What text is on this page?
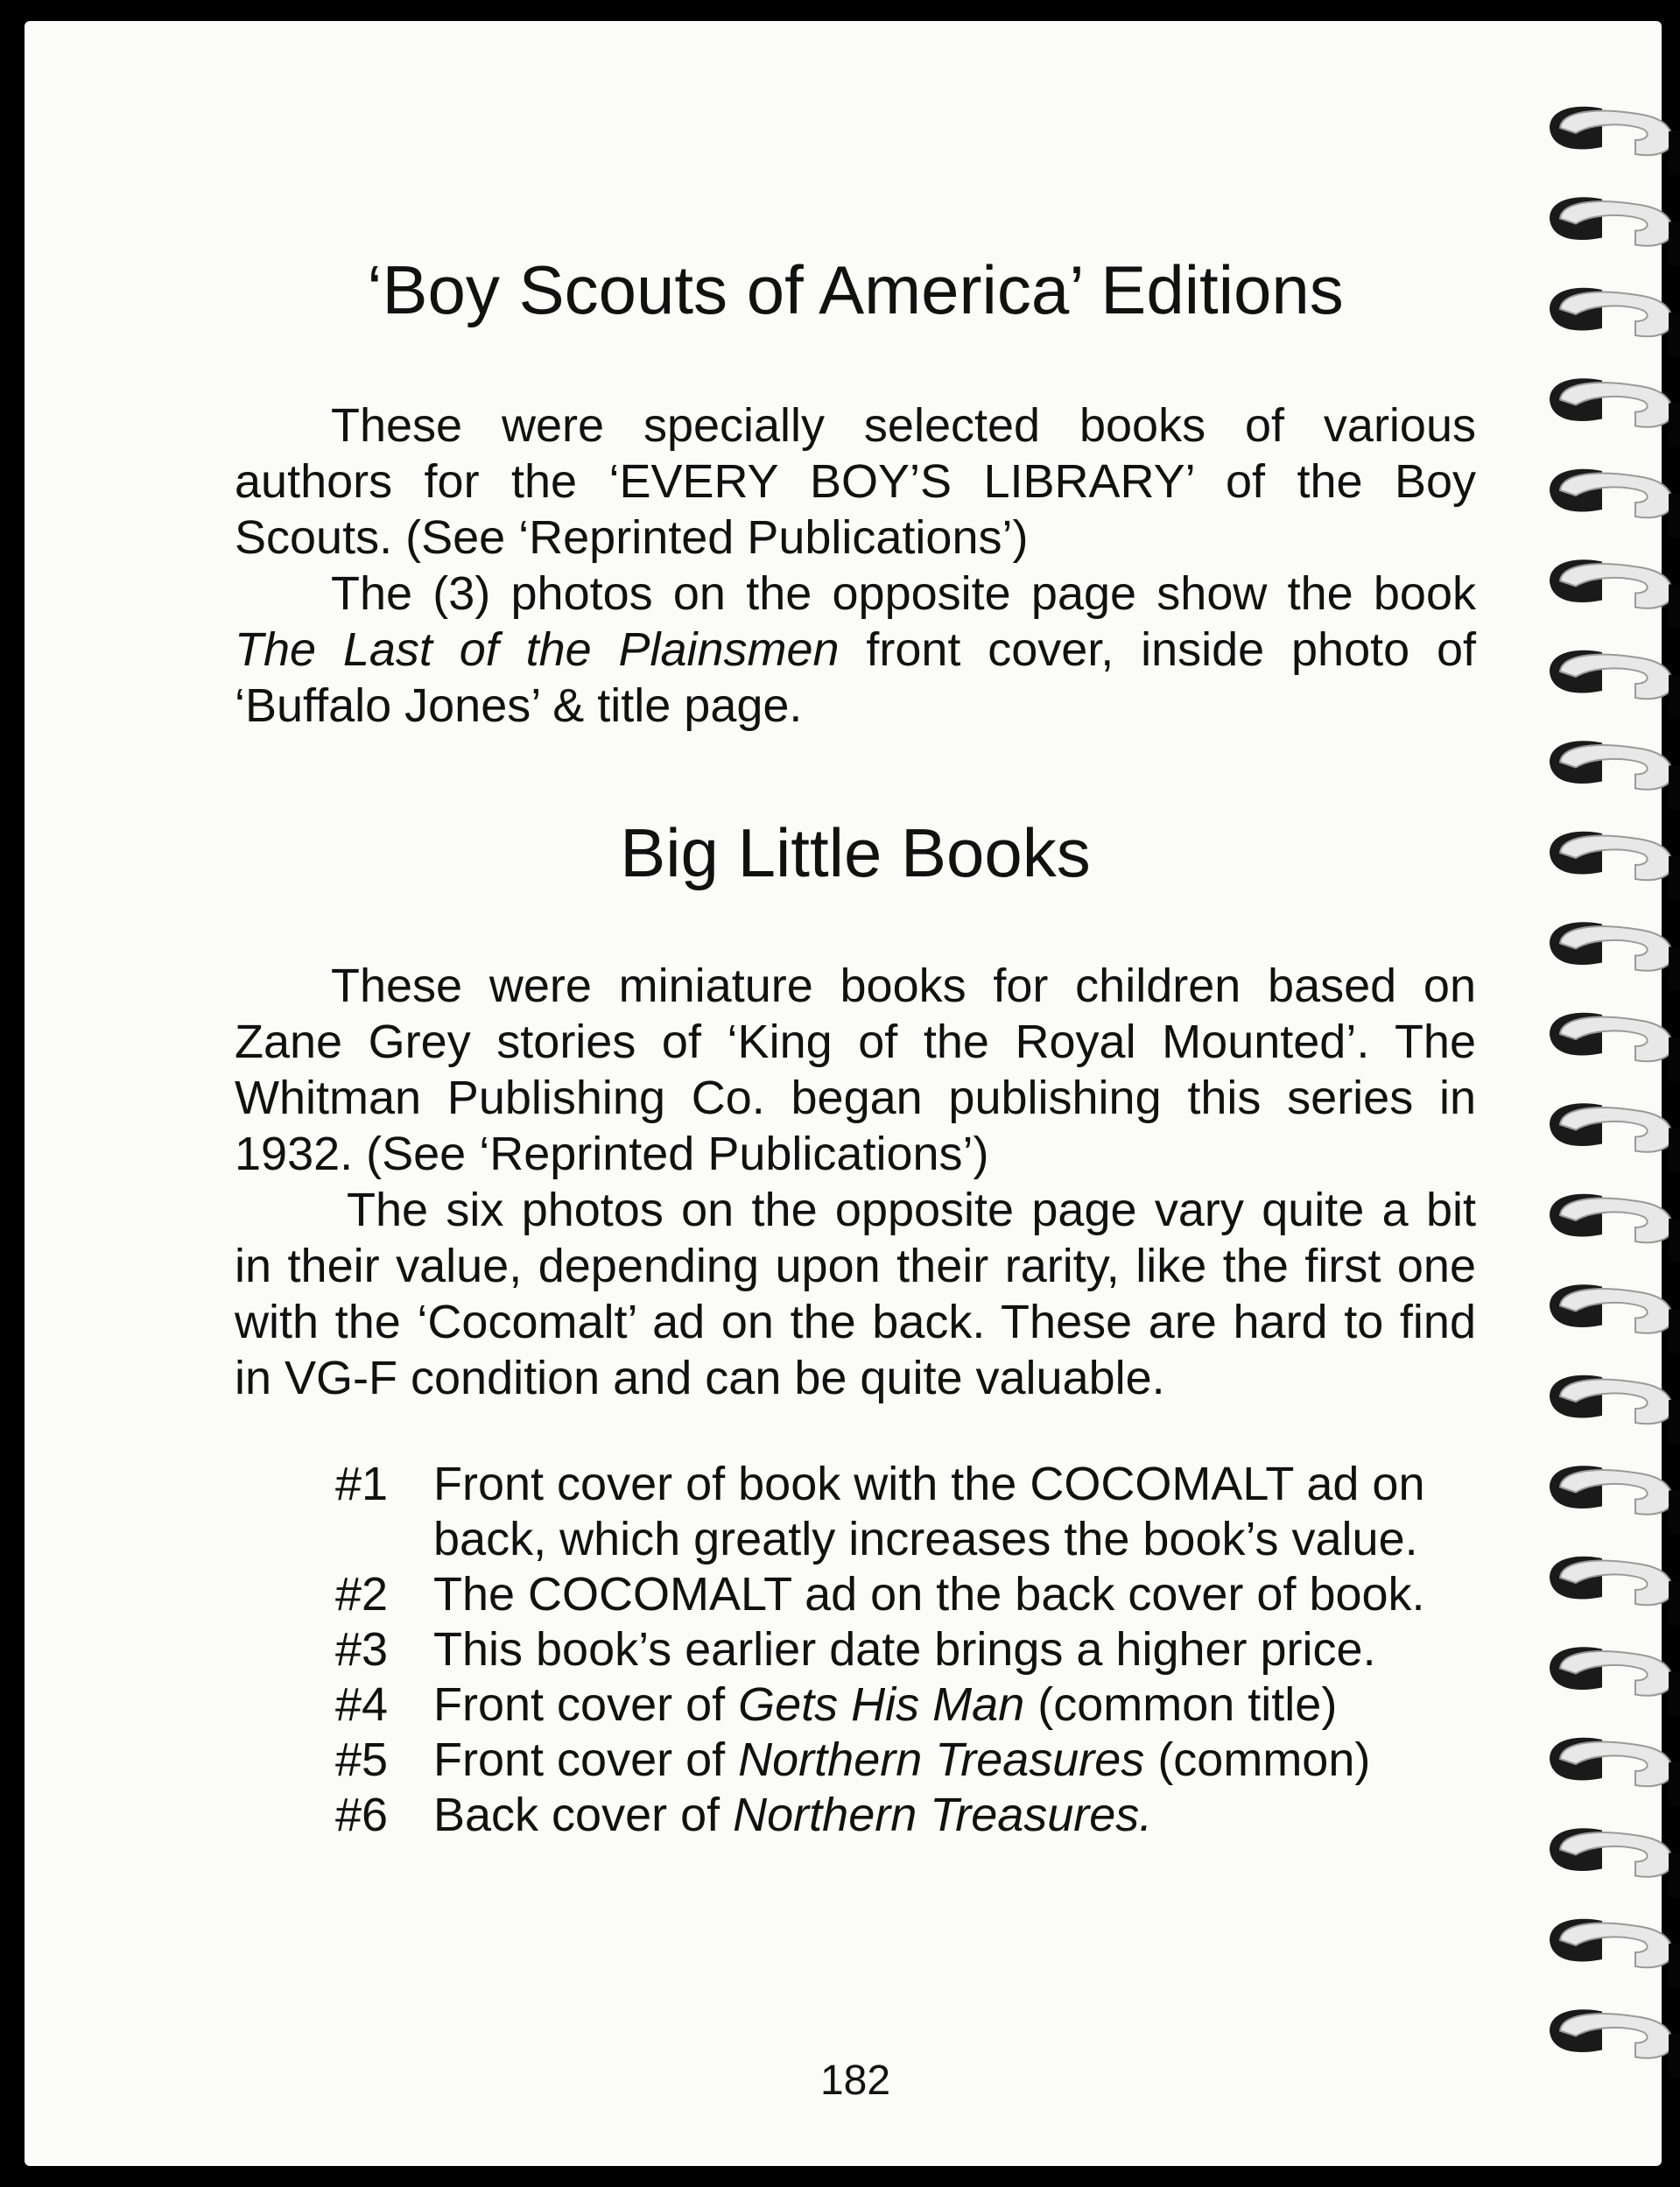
‘Boy Scouts of America’ Editions
These were specially selected books of various authors for the ‘EVERY BOY’S LIBRARY’ of the Boy Scouts. (See ‘Reprinted Publications’)
The (3) photos on the opposite page show the book The Last of the Plainsmen front cover, inside photo of ‘Buffalo Jones’ & title page.
Big Little Books
These were miniature books for children based on Zane Grey stories of ‘King of the Royal Mounted’. The Whitman Publishing Co. began publishing this series in 1932. (See ‘Reprinted Publications’)
The six photos on the opposite page vary quite a bit in their value, depending upon their rarity, like the first one with the ‘Cocomalt’ ad on the back. These are hard to find in VG-F condition and can be quite valuable.
#1 Front cover of book with the COCOMALT ad on back, which greatly increases the book’s value.
#2 The COCOMALT ad on the back cover of book.
#3 This book’s earlier date brings a higher price.
#4 Front cover of Gets His Man (common title)
#5 Front cover of Northern Treasures (common)
#6 Back cover of Northern Treasures.
182
